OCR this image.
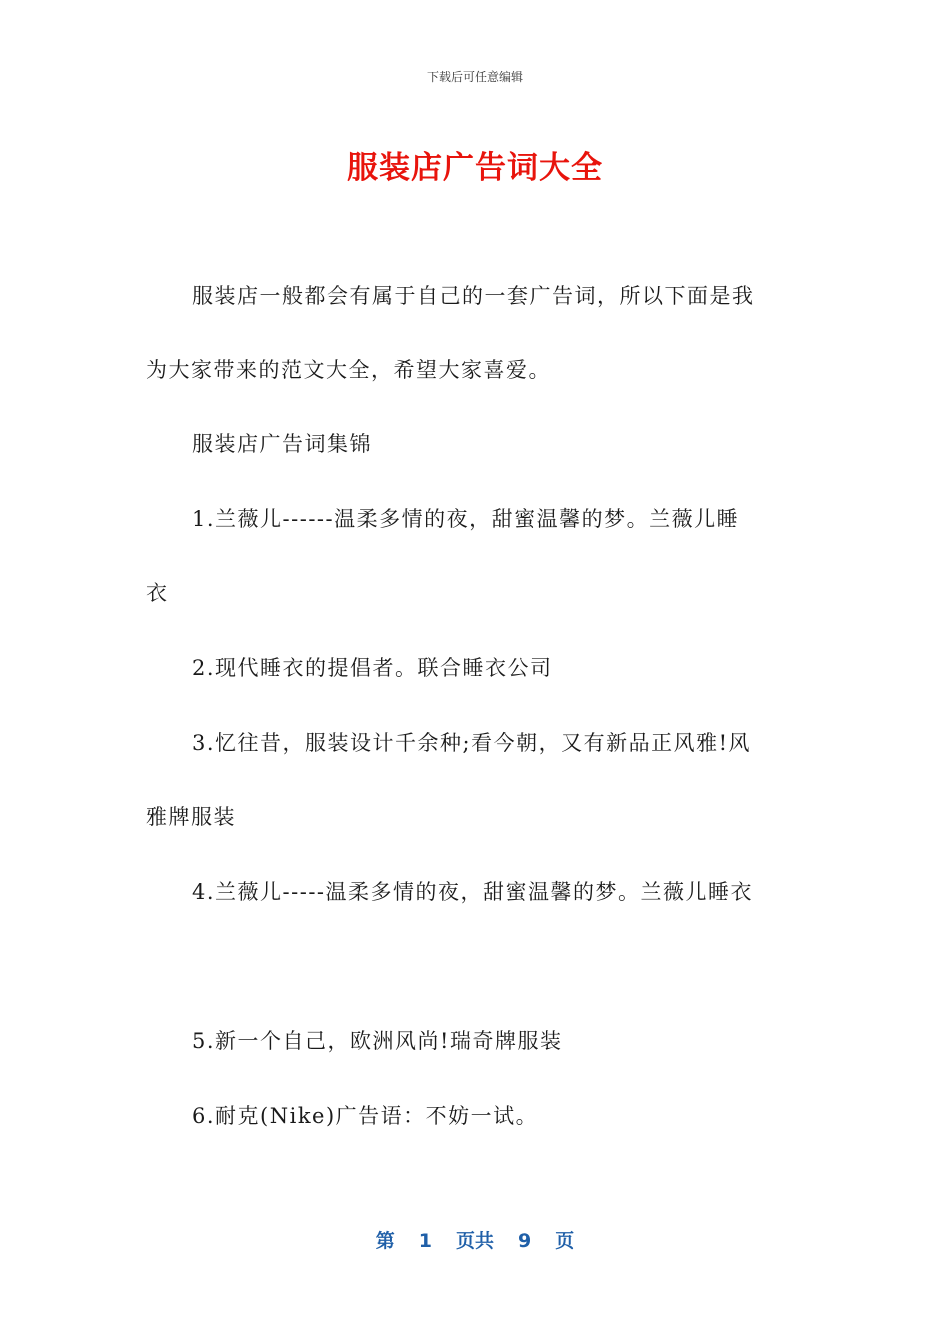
下载后可任意编辑
服装店广告词大全
服装店一般都会有属于自己的一套广告词，所以下面是我
为大家带来的范文大全，希望大家喜爱。
服装店广告词集锦
1.兰薇儿------温柔多情的夜，甜蜜温馨的梦。兰薇儿睡
衣
2.现代睡衣的提倡者。联合睡衣公司
3.忆往昔，服装设计千余种;看今朝，又有新品正风雅!风
雅牌服装
4.兰薇儿-----温柔多情的夜，甜蜜温馨的梦。兰薇儿睡衣
5.新一个自己，欧洲风尚!瑞奇牌服装
6.耐克(Nike)广告语：不妨一试。
第 1 页共 9 页
